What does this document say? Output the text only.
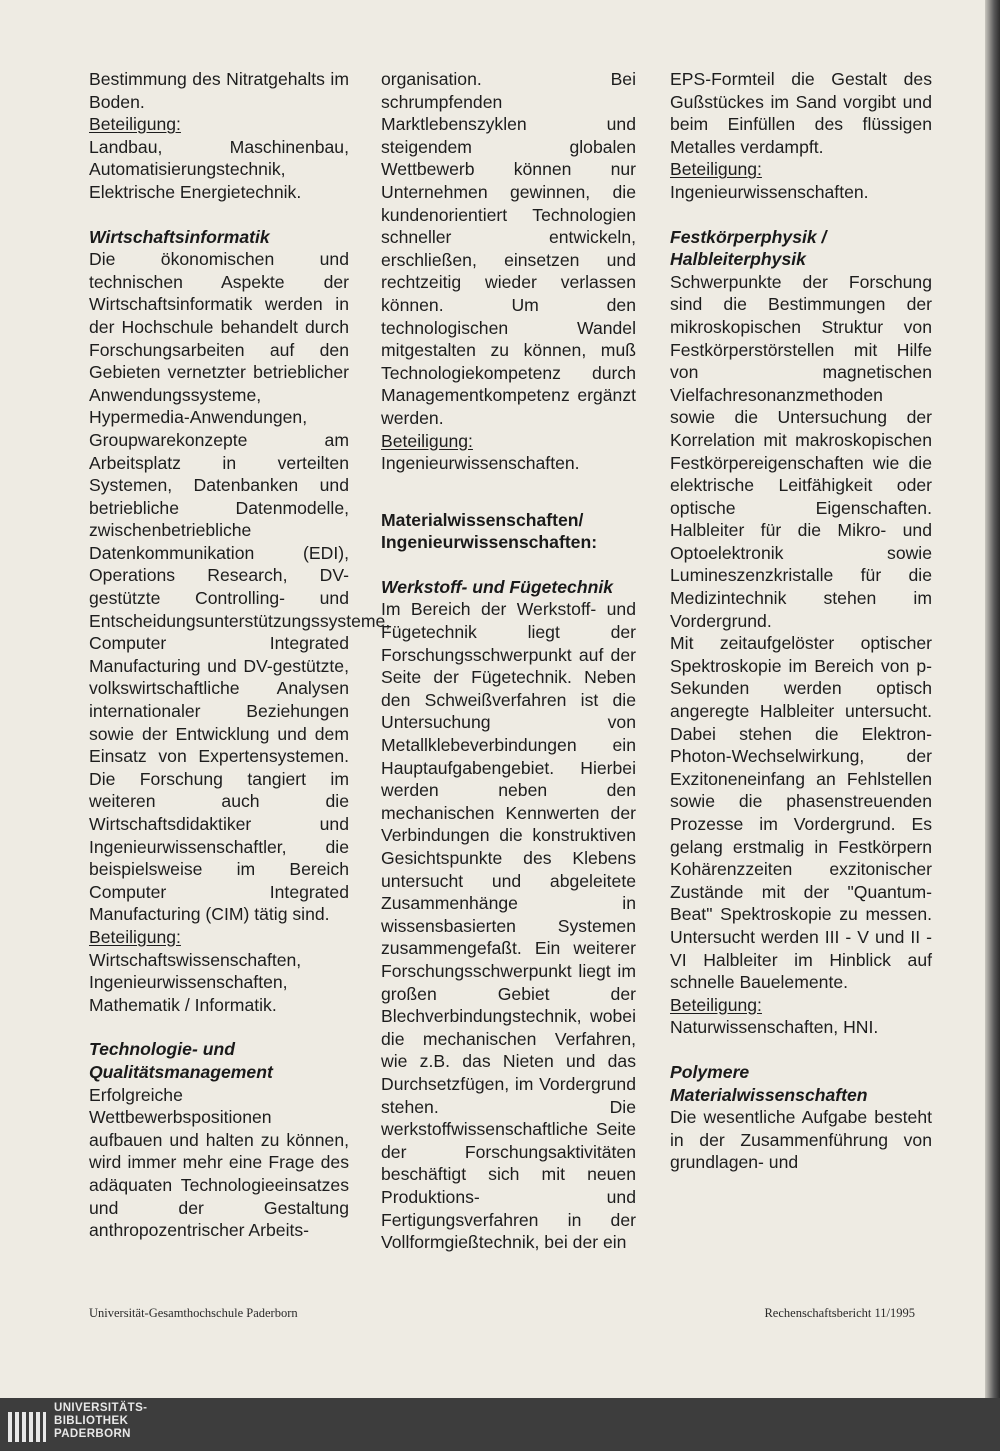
Bestimmung des Nitratgehalts im Boden.

Beteiligung:

Landbau, Maschinenbau, Automatisierungstechnik, Elektrische Energietechnik.

Wirtschaftsinformatik

Die ökonomischen und technischen Aspekte der Wirtschaftsinformatik werden in der Hochschule behandelt durch Forschungsarbeiten auf den Gebieten vernetzter betrieblicher Anwendungssysteme, Hypermedia-Anwendungen, Groupwarekonzepte am Arbeitsplatz in verteilten Systemen, Datenbanken und betriebliche Datenmodelle, zwischenbetriebliche Datenkommunikation (EDI), Operations Research, DV-gestützte Controlling- und Entscheidungsunterstützungssysteme, Computer Integrated Manufacturing und DV-gestützte, volkswirtschaftliche Analysen internationaler Beziehungen sowie der Entwicklung und dem Einsatz von Expertensystemen. Die Forschung tangiert im weiteren auch die Wirtschaftsdidaktiker und Ingenieurwissenschaftler, die beispielsweise im Bereich Computer Integrated Manufacturing (CIM) tätig sind.

Beteiligung:

Wirtschaftswissenschaften, Ingenieurwissenschaften, Mathematik / Informatik.

Technologie- und Qualitätsmanagement

Erfolgreiche Wettbewerbspositionen aufbauen und halten zu können, wird immer mehr eine Frage des adäquaten Technologieeinsatzes und der Gestaltung anthropozentrischer Arbeits-

organisation. Bei schrumpfenden Marktlebenszyklen und steigendem globalen Wettbewerb können nur Unternehmen gewinnen, die kundenorientiert Technologien schneller entwickeln, erschließen, einsetzen und rechtzeitig wieder verlassen können. Um den technologischen Wandel mitgestalten zu können, muß Technologiekompetenz durch Managementkompetenz ergänzt werden.

Beteiligung:

Ingenieurwissenschaften.

Materialwissenschaften/ Ingenieurwissenschaften:

Werkstoff- und Fügetechnik

Im Bereich der Werkstoff- und Fügetechnik liegt der Forschungsschwerpunkt auf der Seite der Fügetechnik. Neben den Schweißverfahren ist die Untersuchung von Metallklebeverbindungen ein Hauptaufgabengebiet. Hierbei werden neben den mechanischen Kennwerten der Verbindungen die konstruktiven Gesichtspunkte des Klebens untersucht und abgeleitete Zusammenhänge in wissensbasierten Systemen zusammengefaßt. Ein weiterer Forschungsschwerpunkt liegt im großen Gebiet der Blechverbindungstechnik, wobei die mechanischen Verfahren, wie z.B. das Nieten und das Durchsetzfügen, im Vordergrund stehen. Die werkstoffwissenschaftliche Seite der Forschungsaktivitäten beschäftigt sich mit neuen Produktions- und Fertigungsverfahren in der Vollformgießtechnik, bei der ein

EPS-Formteil die Gestalt des Gußstückes im Sand vorgibt und beim Einfüllen des flüssigen Metalles verdampft.

Beteiligung:

Ingenieurwissenschaften.

Festkörperphysik / Halbleiterphysik

Schwerpunkte der Forschung sind die Bestimmungen der mikroskopischen Struktur von Festkörperstörstellen mit Hilfe von magnetischen Vielfachresonanzmethoden sowie die Untersuchung der Korrelation mit makroskopischen Festkörpereigenschaften wie die elektrische Leitfähigkeit oder optische Eigenschaften. Halbleiter für die Mikro- und Optoelektronik sowie Lumineszenzkristalle für die Medizintechnik stehen im Vordergrund.

Mit zeitaufgelöster optischer Spektroskopie im Bereich von p-Sekunden werden optisch angeregte Halbleiter untersucht. Dabei stehen die Elektron-Photon-Wechselwirkung, der Exzitoneneinfang an Fehlstellen sowie die phasenstreuenden Prozesse im Vordergrund. Es gelang erstmalig in Festkörpern Kohärenzzeiten exzitonischer Zustände mit der "Quantum-Beat" Spektroskopie zu messen. Untersucht werden III - V und II - VI Halbleiter im Hinblick auf schnelle Bauelemente.

Beteiligung:

Naturwissenschaften, HNI.

Polymere Materialwissenschaften

Die wesentliche Aufgabe besteht in der Zusammenführung von grundlagen- und

Universität-Gesamthochschule Paderborn	Rechenschaftsbericht 11/1995
UNIVERSITÄTS-
BIBLIOTHEK
PADERBORN
